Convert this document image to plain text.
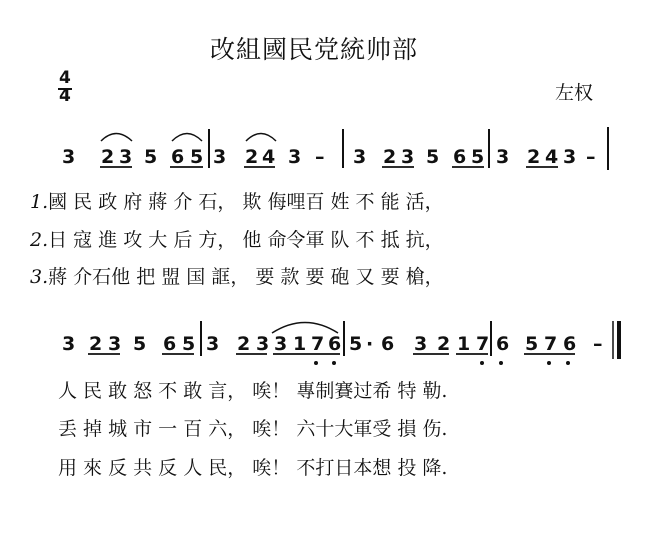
改組國民党統帅部
4
4	左权
3 2 3 5 6 5 3 2 4 3 – 3 2 3 5 6 5 3 2 4 3 –
3 2 3 5 6 5 3 2 3 3 1 7 6 5 · 6 3 2 1 7 6 5 7 6 –
1.國 民 政 府 蔣 介 石， 欺 侮哩百 姓 不 能 活，
2.日 寇 進 攻 大 后 方， 他 命令軍 队 不 抵 抗，
3.蔣 介石他 把 盟 国 誆， 要 款 要 砲 又 要 槍，
人 民 敢 怒 不 敢 言， 唉！ 專制賽过希 特 勒.
丢 掉 城 市 一 百 六， 唉！ 六十大軍受 損 伤.
用 來 反 共 反 人 民， 唉！ 不打日本想 投 降.
